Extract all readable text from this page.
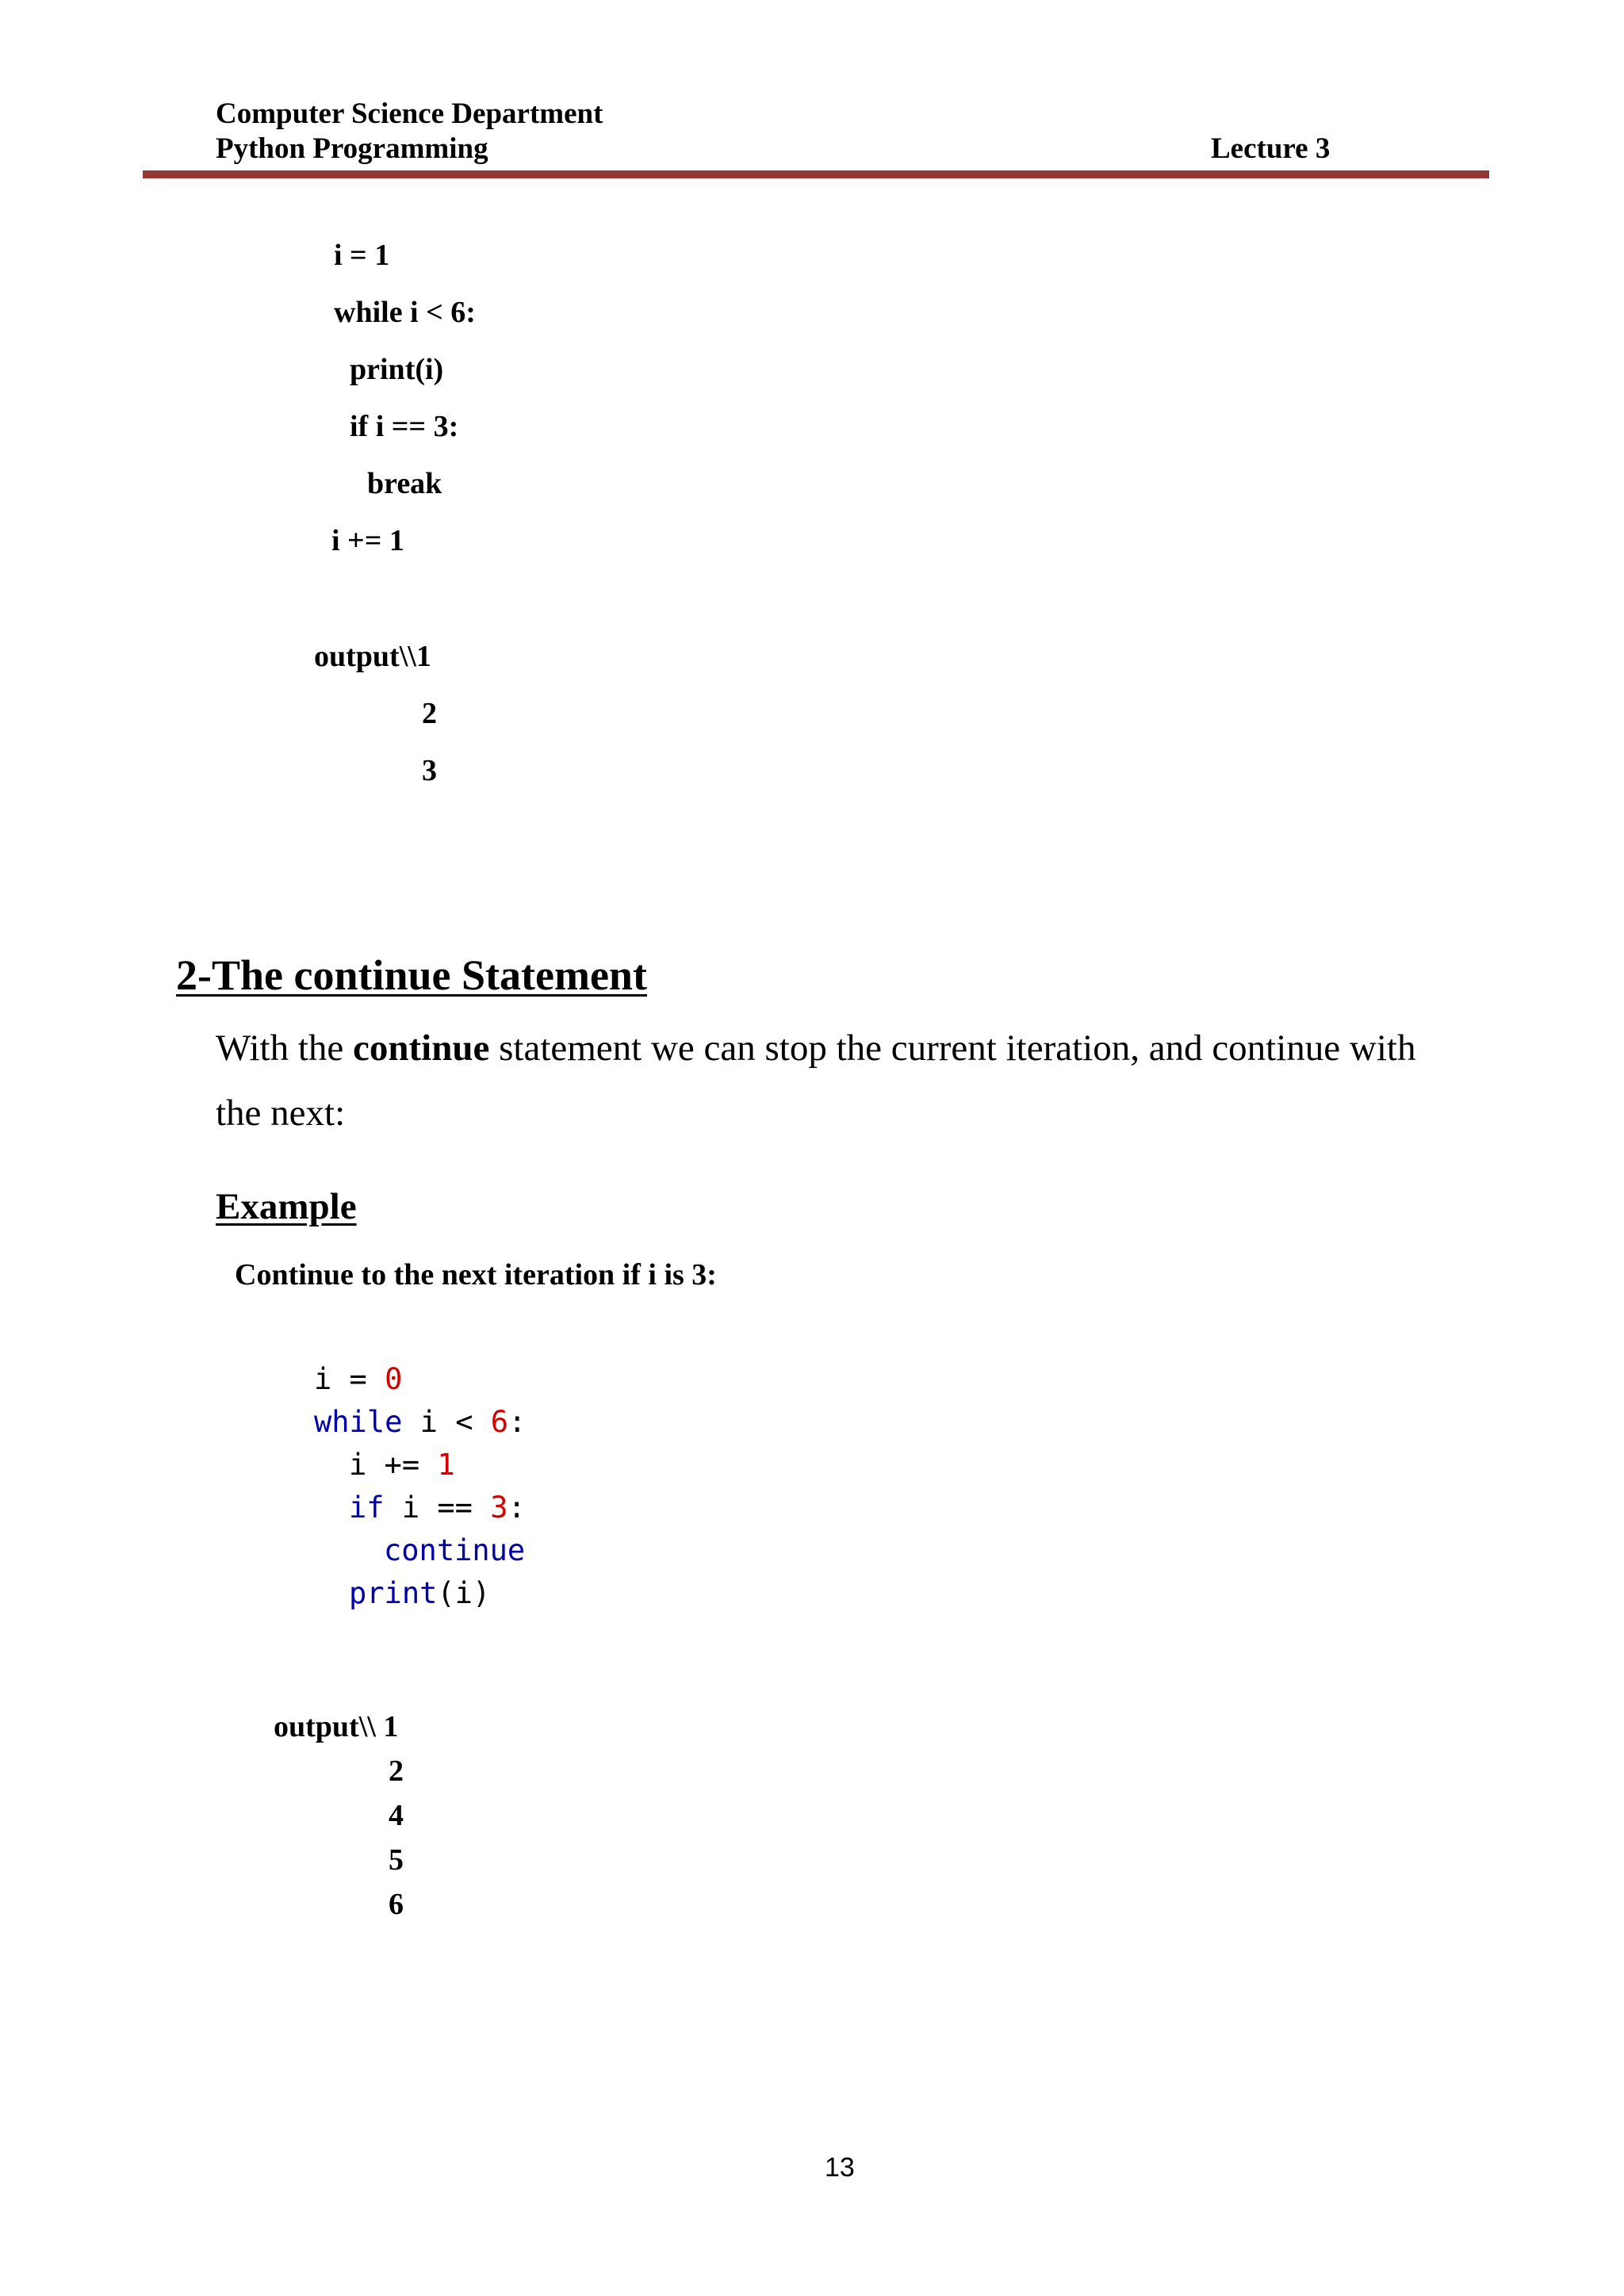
Computer Science Department
Python Programming	Lecture 3
i = 1
while i < 6:
print(i)
if i == 3:
break
i += 1
output\\1
2
3
2-The continue Statement
With the continue statement we can stop the current iteration, and continue with
the next:
Example
Continue to the next iteration if i is 3:
i = 0
while i < 6:
i += 1
if i == 3:
continue
print(i)
output\\ 1
2
4
5
6
13
